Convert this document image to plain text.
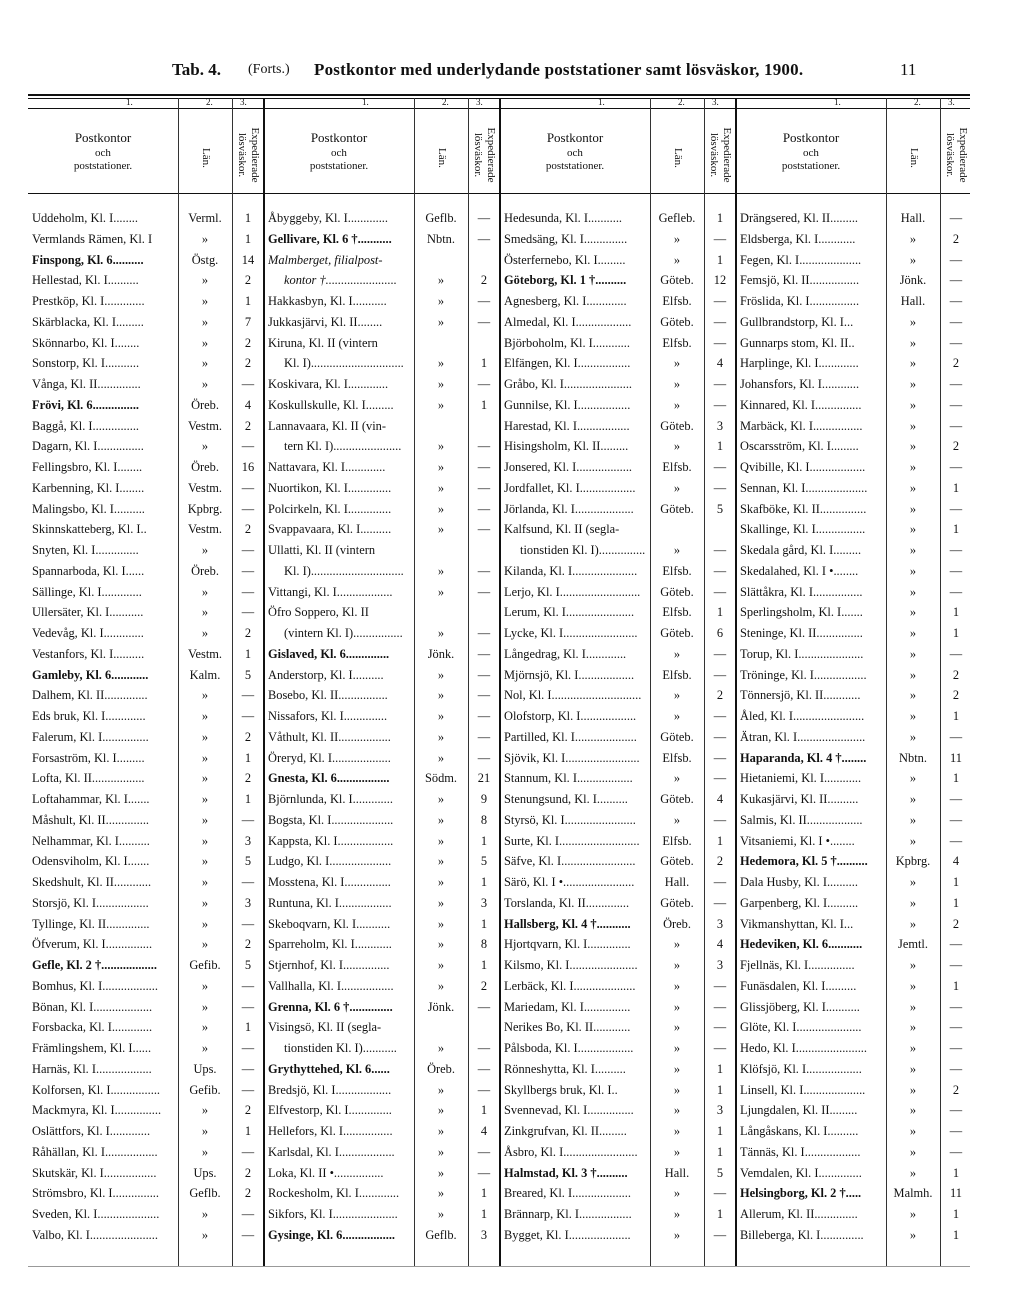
Tab. 4. (Forts.) Postkontor med underlydande poststationer samt lösväskor, 1900.	11
1.	2.	3.
Postkontor
och
poststationer.	Län.	Expedierade lösväskor.
Uddeholm, Kl. I........	Verml.	1
Vermlands Rämen, Kl. I	»	1
Finspong, Kl. 6..........	Östg.	14
Hellestad, Kl. I..........	»	2
Prestköp, Kl. I.............	»	1
Skärblacka, Kl. I.........	»	7
Skönnarbo, Kl. I........	»	2
Sonstorp, Kl. I...........	»	2
Vånga, Kl. II..............	»	—
Frövi, Kl. 6...............	Öreb.	4
Baggå, Kl. I...............	Vestm.	2
Dagarn, Kl. I...............	»	—
Fellingsbro, Kl. I........	Öreb.	16
Karbenning, Kl. I........	Vestm.	—
Malingsbo, Kl. I..........	Kpbrg.	—
Skinnskatteberg, Kl. I..	Vestm.	2
Snyten, Kl. I..............	»	—
Spannarboda, Kl. I......	Öreb.	—
Sällinge, Kl. I.............	»	—
Ullersäter, Kl. I...........	»	—
Vedevåg, Kl. I.............	»	2
Vestanfors, Kl. I..........	Vestm.	1
Gamleby, Kl. 6............	Kalm.	5
Dalhem, Kl. II..............	»	—
Eds bruk, Kl. I.............	»	—
Falerum, Kl. I...............	»	2
Forsaström, Kl. I.........	»	1
Lofta, Kl. II.................	»	2
Loftahammar, Kl. I.......	»	1
Måshult, Kl. II..............	»	—
Nelhammar, Kl. I..........	»	3
Odensviholm, Kl. I.......	»	5
Skedshult, Kl. II............	»	—
Storsjö, Kl. I.................	»	3
Tyllinge, Kl. II..............	»	—
Öfverum, Kl. I...............	»	2
Gefle, Kl. 2 †..................	Gefib.	5
Bomhus, Kl. I..................	»	—
Bönan, Kl. I...................	»	—
Forsbacka, Kl. I.............	»	1
Främlingshem, Kl. I......	»	—
Harnäs, Kl. I..................	Ups.	—
Kolforsen, Kl. I................	Gefib.	—
Mackmyra, Kl. I...............	»	2
Oslättfors, Kl. I.............	»	1
Råhällan, Kl. I.................	»	—
Skutskär, Kl. I.................	Ups.	2
Strömsbro, Kl. I...............	Geflb.	2
Sveden, Kl. I....................	»	—
Valbo, Kl. I......................	»	—
1.	2.	3.
Postkontor
och
poststationer.	Län.	Expedierade lösväskor.
Åbyggeby, Kl. I.............	Geflb.	—
Gellivare, Kl. 6 †...........	Nbtn.	—
Malmberget, filialpost-
kontor †.......................	»	2
Hakkasbyn, Kl. I...........	»	—
Jukkasjärvi, Kl. II........	»	—
Kiruna, Kl. II (vintern
Kl. I)..............................	»	1
Koskivara, Kl. I.............	»	—
Koskullskulle, Kl. I.........	»	1
Lannavaara, Kl. II (vin-
tern Kl. I)......................	»	—
Nattavara, Kl. I.............	»	—
Nuortikon, Kl. I..............	»	—
Polcirkeln, Kl. I..............	»	—
Svappavaara, Kl. I..........	»	—
Ullatti, Kl. II (vintern
Kl. I)..............................	»	—
Vittangi, Kl. I..................	»	—
Öfro Soppero, Kl. II
(vintern Kl. I)................	»	—
Gislaved, Kl. 6..............	Jönk.	—
Anderstorp, Kl. I..........	»	—
Bosebo, Kl. II................	»	—
Nissafors, Kl. I..............	»	—
Våthult, Kl. II.................	»	—
Öreryd, Kl. I...................	»	—
Gnesta, Kl. 6.................	Södm.	21
Björnlunda, Kl. I.............	»	9
Bogsta, Kl. I....................	»	8
Kappsta, Kl. I..................	»	1
Ludgo, Kl. I....................	»	5
Mosstena, Kl. I...............	»	1
Runtuna, Kl. I.................	»	3
Skeboqvarn, Kl. I...........	»	1
Sparreholm, Kl. I............	»	8
Stjernhof, Kl. I...............	»	1
Vallhalla, Kl. I.................	»	2
Grenna, Kl. 6 †..............	Jönk.	—
Visingsö, Kl. II (segla-
tionstiden Kl. I)...........	»	—
Grythyttehed, Kl. 6......	Öreb.	—
Bredsjö, Kl. I..................	»	—
Elfvestorp, Kl. I..............	»	1
Hellefors, Kl. I................	»	4
Karlsdal, Kl. I..................	»	—
Loka, Kl. II •................	»	—
Rockesholm, Kl. I.............	»	1
Sikfors, Kl. I.....................	»	1
Gysinge, Kl. 6.................	Geflb.	3
1.	2.	3.
Postkontor
och
poststationer.	Län.	Expedierade lösväskor.
Hedesunda, Kl. I...........	Gefleb.	1
Smedsäng, Kl. I..............	»	—
Österfernebo, Kl. I.........	»	1
Göteborg, Kl. 1 †..........	Göteb.	12
Agnesberg, Kl. I.............	Elfsb.	—
Almedal, Kl. I..................	Göteb.	—
Björboholm, Kl. I............	Elfsb.	—
Elfängen, Kl. I.................	»	4
Gråbo, Kl. I......................	»	—
Gunnilse, Kl. I.................	»	—
Harestad, Kl. I.................	Göteb.	3
Hisingsholm, Kl. II.........	»	1
Jonsered, Kl. I..................	Elfsb.	—
Jordfallet, Kl. I..................	»	—
Jörlanda, Kl. I...................	Göteb.	5
Kalfsund, Kl. II (segla-
tionstiden Kl. I)...............	»	—
Kilanda, Kl. I.....................	Elfsb.	—
Lerjo, Kl. I..........................	Göteb.	—
Lerum, Kl. I......................	Elfsb.	1
Lycke, Kl. I........................	Göteb.	6
Långedrag, Kl. I.............	»	—
Mjörnsjö, Kl. I..................	Elfsb.	—
Nol, Kl. I.............................	»	2
Olofstorp, Kl. I..................	»	—
Partilled, Kl. I....................	Göteb.	—
Sjövik, Kl. I........................	Elfsb.	—
Stannum, Kl. I..................	»	—
Stenungsund, Kl. I..........	Göteb.	4
Styrsö, Kl. I.......................	»	—
Surte, Kl. I..........................	Elfsb.	1
Säfve, Kl. I........................	Göteb.	2
Särö, Kl. I •.......................	Hall.	—
Torslanda, Kl. II..............	Göteb.	—
Hallsberg, Kl. 4 †...........	Öreb.	3
Hjortqvarn, Kl. I..............	»	4
Kilsmo, Kl. I......................	»	3
Lerbäck, Kl. I....................	»	—
Mariedam, Kl. I...............	»	—
Nerikes Bo, Kl. II............	»	—
Pålsboda, Kl. I..................	»	—
Rönneshytta, Kl. I..........	»	1
Skyllbergs bruk, Kl. I..	»	1
Svennevad, Kl. I...............	»	3
Zinkgrufvan, Kl. II.........	»	1
Åsbro, Kl. I........................	»	1
Halmstad, Kl. 3 †..........	Hall.	5
Breared, Kl. I...................	»	—
Brännarp, Kl. I.................	»	1
Bygget, Kl. I....................	»	—
1.	2.	3.
Postkontor
och
poststationer.	Län.	Expedierade lösväskor.
Drängsered, Kl. II.........	Hall.	—
Eldsberga, Kl. I............	»	2
Fegen, Kl. I....................	»	—
Femsjö, Kl. II................	Jönk.	—
Fröslida, Kl. I................	Hall.	—
Gullbrandstorp, Kl. I...	»	—
Gunnarps stom, Kl. II..	»	—
Harplinge, Kl. I.............	»	2
Johansfors, Kl. I............	»	—
Kinnared, Kl. I...............	»	—
Marbäck, Kl. I................	»	—
Oscarsström, Kl. I.........	»	2
Qvibille, Kl. I..................	»	—
Sennan, Kl. I....................	»	1
Skafböke, Kl. II...............	»	—
Skallinge, Kl. I................	»	1
Skedala gård, Kl. I.........	»	—
Skedalahed, Kl. I •........	»	—
Slättåkra, Kl. I................	»	—
Sperlingsholm, Kl. I.......	»	1
Steninge, Kl. II...............	»	1
Torup, Kl. I.....................	»	—
Tröninge, Kl. I.................	»	2
Tönnersjö, Kl. II............	»	2
Åled, Kl. I.......................	»	1
Ätran, Kl. I......................	»	—
Haparanda, Kl. 4 †........	Nbtn.	11
Hietaniemi, Kl. I............	»	1
Kukasjärvi, Kl. II..........	»	—
Salmis, Kl. II..................	»	—
Vitsaniemi, Kl. I •........	»	—
Hedemora, Kl. 5 †..........	Kpbrg.	4
Dala Husby, Kl. I..........	»	1
Garpenberg, Kl. I..........	»	1
Vikmanshyttan, Kl. I...	»	2
Hedeviken, Kl. 6...........	Jemtl.	—
Fjellnäs, Kl. I...............	»	—
Funäsdalen, Kl. I..........	»	1
Glissjöberg, Kl. I...........	»	—
Glöte, Kl. I.....................	»	—
Hedo, Kl. I.......................	»	—
Klöfsjö, Kl. I..................	»	—
Linsell, Kl. I....................	»	2
Ljungdalen, Kl. II.........	»	—
Långåskans, Kl. I..........	»	—
Tännäs, Kl. I..................	»	—
Vemdalen, Kl. I..............	»	1
Helsingborg, Kl. 2 †.....	Malmh.	11
Allerum, Kl. II..............	»	1
Billeberga, Kl. I..............	»	1
